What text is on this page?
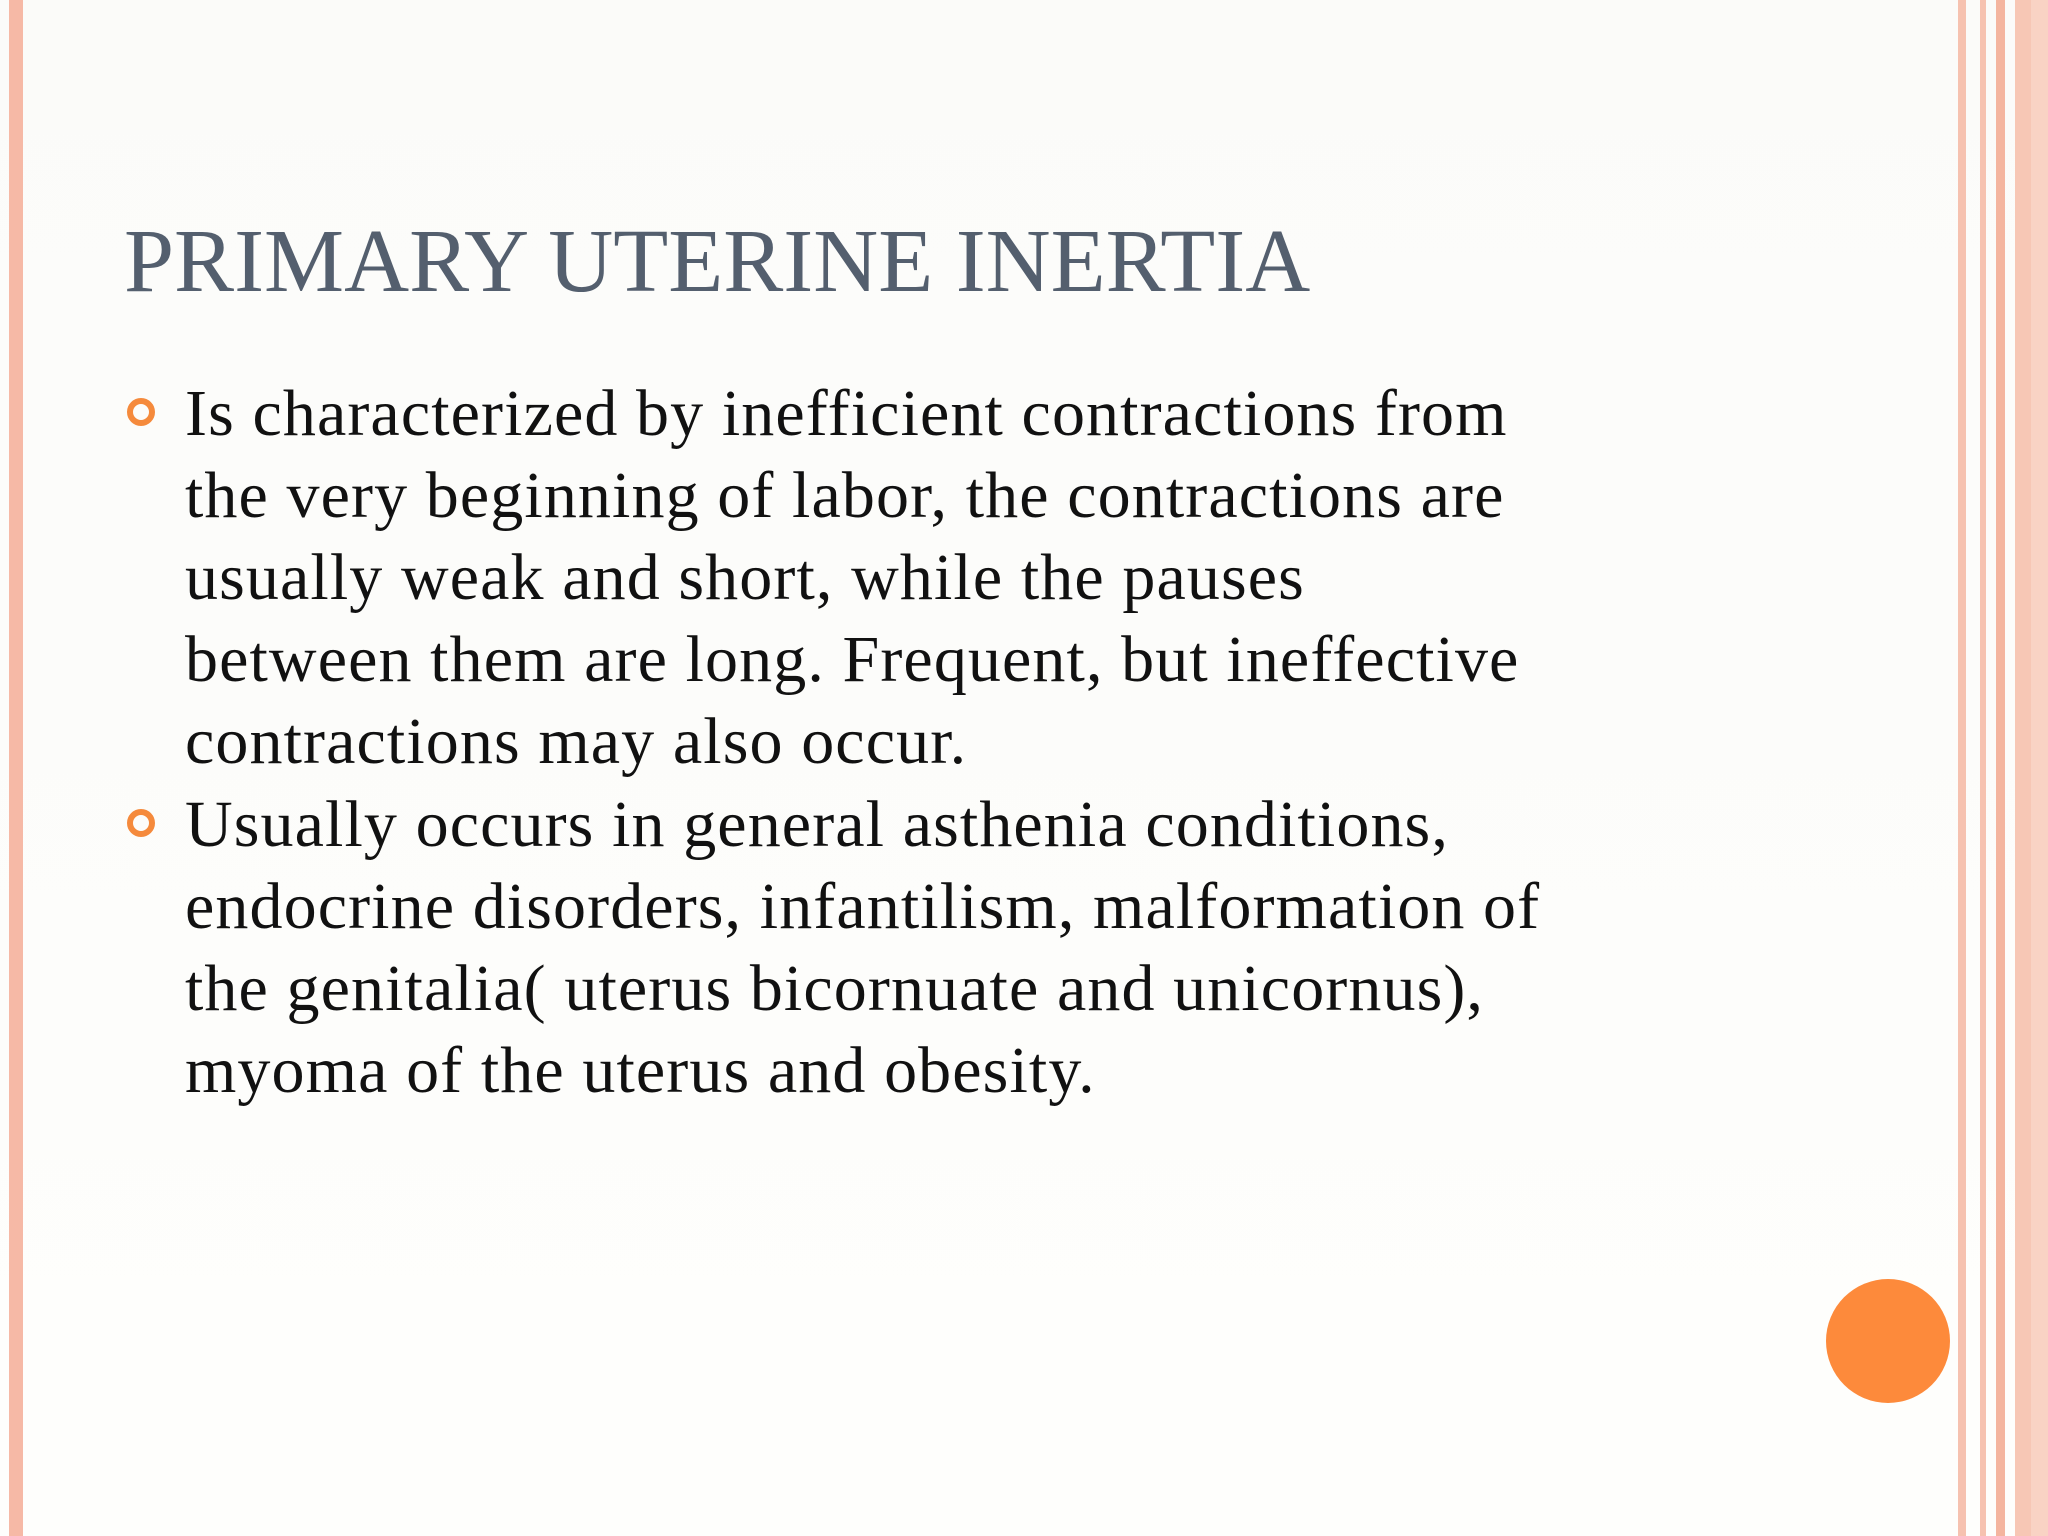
PRIMARY UTERINE INERTIA
Is characterized by inefficient contractions from
the very beginning of labor, the contractions are
usually weak and short, while the pauses
between them are long. Frequent, but ineffective
contractions may also occur.
Usually occurs in general asthenia conditions,
endocrine disorders, infantilism, malformation of
the genitalia( uterus bicornuate and unicornus),
myoma of the uterus and obesity.
